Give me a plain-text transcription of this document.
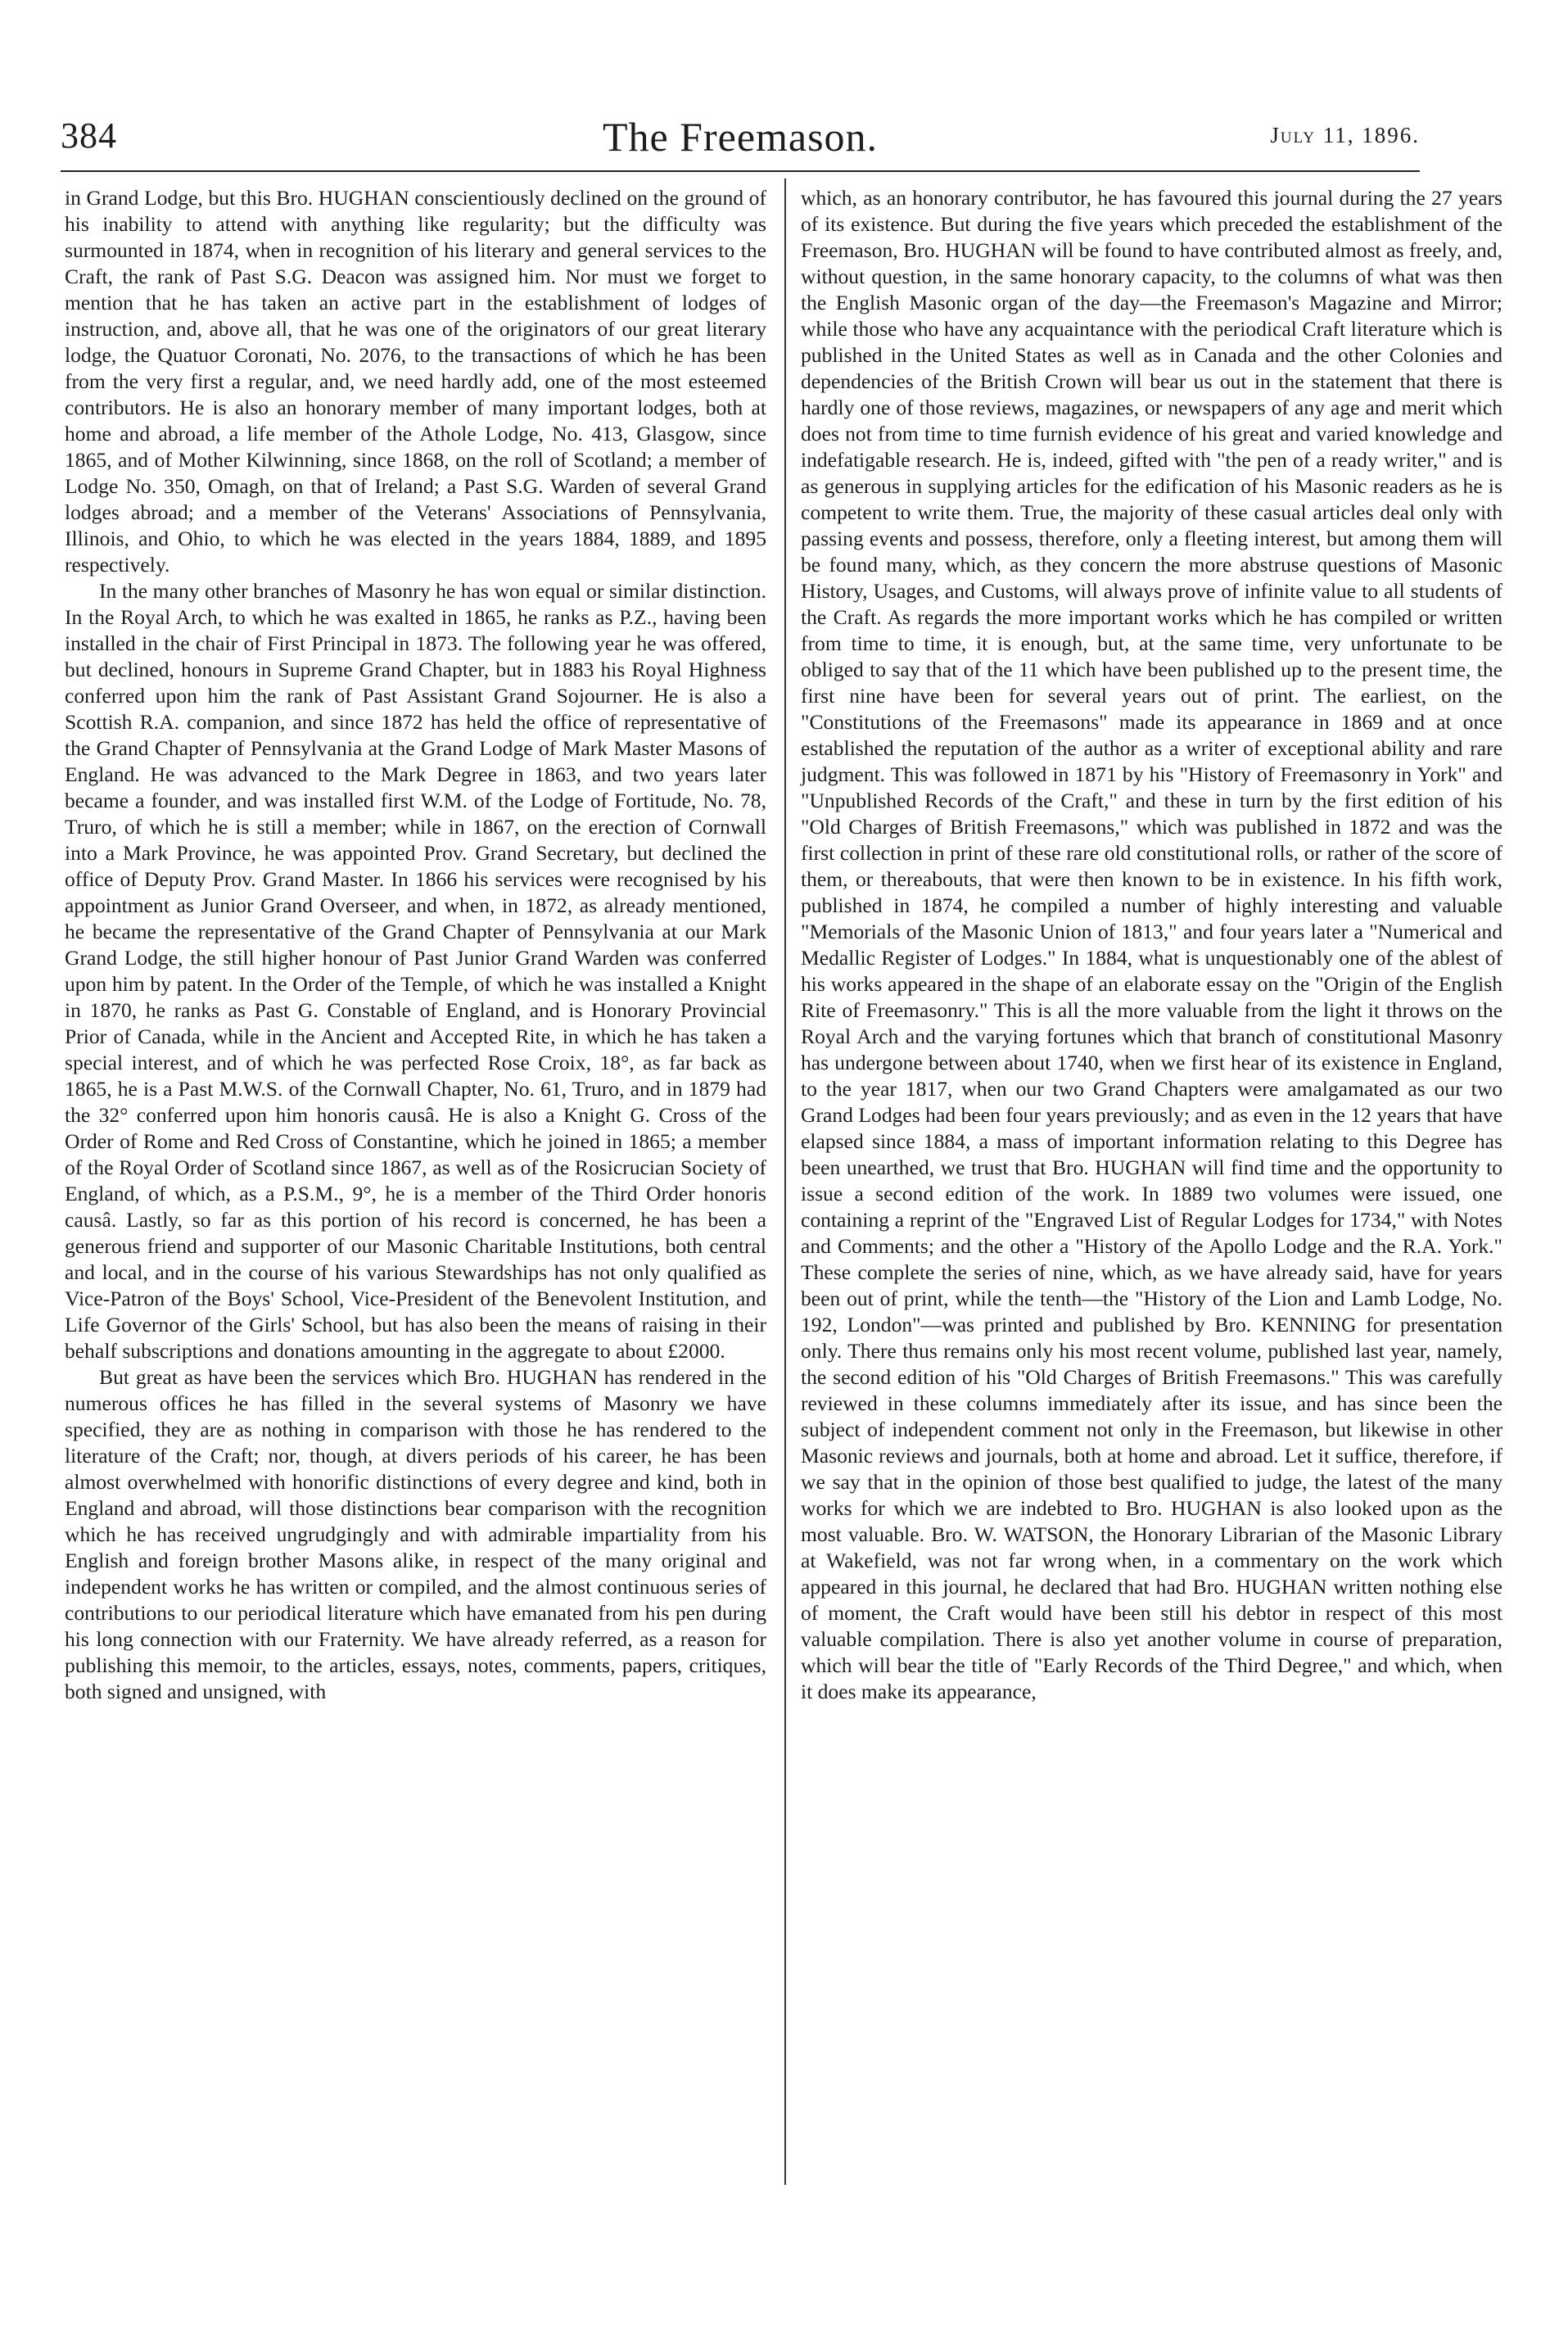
384	The Freemason.	July 11, 1896.

in Grand Lodge, but this Bro. HUGHAN conscientiously declined on the ground of his inability to attend with anything like regularity; but the difficulty was surmounted in 1874, when in recognition of his literary and general services to the Craft, the rank of Past S.G. Deacon was assigned him. Nor must we forget to mention that he has taken an active part in the establishment of lodges of instruction, and, above all, that he was one of the originators of our great literary lodge, the Quatuor Coronati, No. 2076, to the transactions of which he has been from the very first a regular, and, we need hardly add, one of the most esteemed contributors. He is also an honorary member of many important lodges, both at home and abroad, a life member of the Athole Lodge, No. 413, Glasgow, since 1865, and of Mother Kilwinning, since 1868, on the roll of Scotland; a member of Lodge No. 350, Omagh, on that of Ireland; a Past S.G. Warden of several Grand lodges abroad; and a member of the Veterans' Associations of Pennsylvania, Illinois, and Ohio, to which he was elected in the years 1884, 1889, and 1895 respectively.

In the many other branches of Masonry he has won equal or similar distinction. In the Royal Arch, to which he was exalted in 1865, he ranks as P.Z., having been installed in the chair of First Principal in 1873. The following year he was offered, but declined, honours in Supreme Grand Chapter, but in 1883 his Royal Highness conferred upon him the rank of Past Assistant Grand Sojourner. He is also a Scottish R.A. companion, and since 1872 has held the office of representative of the Grand Chapter of Pennsylvania at the Grand Lodge of Mark Master Masons of England. He was advanced to the Mark Degree in 1863, and two years later became a founder, and was installed first W.M. of the Lodge of Fortitude, No. 78, Truro, of which he is still a member; while in 1867, on the erection of Cornwall into a Mark Province, he was appointed Prov. Grand Secretary, but declined the office of Deputy Prov. Grand Master. In 1866 his services were recognised by his appointment as Junior Grand Overseer, and when, in 1872, as already mentioned, he became the representative of the Grand Chapter of Pennsylvania at our Mark Grand Lodge, the still higher honour of Past Junior Grand Warden was conferred upon him by patent. In the Order of the Temple, of which he was installed a Knight in 1870, he ranks as Past G. Constable of England, and is Honorary Provincial Prior of Canada, while in the Ancient and Accepted Rite, in which he has taken a special interest, and of which he was perfected Rose Croix, 18°, as far back as 1865, he is a Past M.W.S. of the Cornwall Chapter, No. 61, Truro, and in 1879 had the 32° conferred upon him honoris causâ. He is also a Knight G. Cross of the Order of Rome and Red Cross of Constantine, which he joined in 1865; a member of the Royal Order of Scotland since 1867, as well as of the Rosicrucian Society of England, of which, as a P.S.M., 9°, he is a member of the Third Order honoris causâ. Lastly, so far as this portion of his record is concerned, he has been a generous friend and supporter of our Masonic Charitable Institutions, both central and local, and in the course of his various Stewardships has not only qualified as Vice-Patron of the Boys' School, Vice-President of the Benevolent Institution, and Life Governor of the Girls' School, but has also been the means of raising in their behalf subscriptions and donations amounting in the aggregate to about £2000.

But great as have been the services which Bro. HUGHAN has rendered in the numerous offices he has filled in the several systems of Masonry we have specified, they are as nothing in comparison with those he has rendered to the literature of the Craft; nor, though, at divers periods of his career, he has been almost overwhelmed with honorific distinctions of every degree and kind, both in England and abroad, will those distinctions bear comparison with the recognition which he has received ungrudgingly and with admirable impartiality from his English and foreign brother Masons alike, in respect of the many original and independent works he has written or compiled, and the almost continuous series of contributions to our periodical literature which have emanated from his pen during his long connection with our Fraternity. We have already referred, as a reason for publishing this memoir, to the articles, essays, notes, comments, papers, critiques, both signed and unsigned, with

which, as an honorary contributor, he has favoured this journal during the 27 years of its existence. But during the five years which preceded the establishment of the Freemason, Bro. HUGHAN will be found to have contributed almost as freely, and, without question, in the same honorary capacity, to the columns of what was then the English Masonic organ of the day—the Freemason's Magazine and Mirror; while those who have any acquaintance with the periodical Craft literature which is published in the United States as well as in Canada and the other Colonies and dependencies of the British Crown will bear us out in the statement that there is hardly one of those reviews, magazines, or newspapers of any age and merit which does not from time to time furnish evidence of his great and varied knowledge and indefatigable research. He is, indeed, gifted with "the pen of a ready writer," and is as generous in supplying articles for the edification of his Masonic readers as he is competent to write them. True, the majority of these casual articles deal only with passing events and possess, therefore, only a fleeting interest, but among them will be found many, which, as they concern the more abstruse questions of Masonic History, Usages, and Customs, will always prove of infinite value to all students of the Craft. As regards the more important works which he has compiled or written from time to time, it is enough, but, at the same time, very unfortunate to be obliged to say that of the 11 which have been published up to the present time, the first nine have been for several years out of print. The earliest, on the "Constitutions of the Freemasons" made its appearance in 1869 and at once established the reputation of the author as a writer of exceptional ability and rare judgment. This was followed in 1871 by his "History of Freemasonry in York" and "Unpublished Records of the Craft," and these in turn by the first edition of his "Old Charges of British Freemasons," which was published in 1872 and was the first collection in print of these rare old constitutional rolls, or rather of the score of them, or thereabouts, that were then known to be in existence. In his fifth work, published in 1874, he compiled a number of highly interesting and valuable "Memorials of the Masonic Union of 1813," and four years later a "Numerical and Medallic Register of Lodges." In 1884, what is unquestionably one of the ablest of his works appeared in the shape of an elaborate essay on the "Origin of the English Rite of Freemasonry." This is all the more valuable from the light it throws on the Royal Arch and the varying fortunes which that branch of constitutional Masonry has undergone between about 1740, when we first hear of its existence in England, to the year 1817, when our two Grand Chapters were amalgamated as our two Grand Lodges had been four years previously; and as even in the 12 years that have elapsed since 1884, a mass of important information relating to this Degree has been unearthed, we trust that Bro. HUGHAN will find time and the opportunity to issue a second edition of the work. In 1889 two volumes were issued, one containing a reprint of the "Engraved List of Regular Lodges for 1734," with Notes and Comments; and the other a "History of the Apollo Lodge and the R.A. York." These complete the series of nine, which, as we have already said, have for years been out of print, while the tenth—the "History of the Lion and Lamb Lodge, No. 192, London"—was printed and published by Bro. KENNING for presentation only. There thus remains only his most recent volume, published last year, namely, the second edition of his "Old Charges of British Freemasons." This was carefully reviewed in these columns immediately after its issue, and has since been the subject of independent comment not only in the Freemason, but likewise in other Masonic reviews and journals, both at home and abroad. Let it suffice, therefore, if we say that in the opinion of those best qualified to judge, the latest of the many works for which we are indebted to Bro. HUGHAN is also looked upon as the most valuable. Bro. W. WATSON, the Honorary Librarian of the Masonic Library at Wakefield, was not far wrong when, in a commentary on the work which appeared in this journal, he declared that had Bro. HUGHAN written nothing else of moment, the Craft would have been still his debtor in respect of this most valuable compilation. There is also yet another volume in course of preparation, which will bear the title of "Early Records of the Third Degree," and which, when it does make its appearance,
